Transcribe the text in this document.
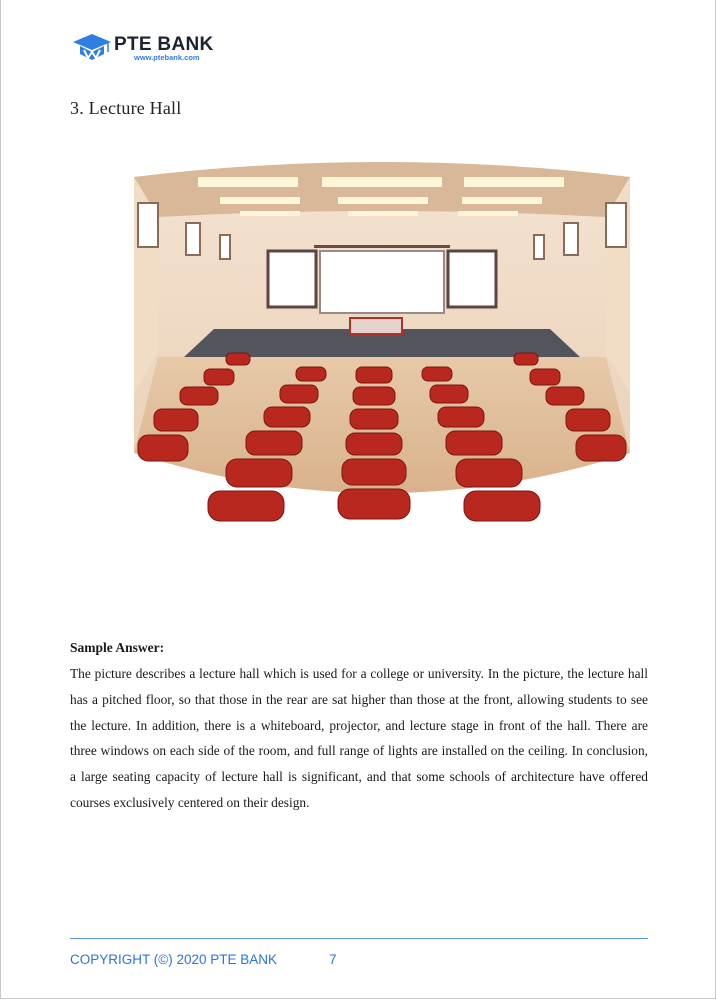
PTE BANK
www.ptebank.com
3. Lecture Hall
Sample Answer:
The picture describes a lecture hall which is used for a college or university. In the picture, the lecture hall has a pitched floor, so that those in the rear are sat higher than those at the front, allowing students to see the lecture. In addition, there is a whiteboard, projector, and lecture stage in front of the hall. There are three windows on each side of the room, and full range of lights are installed on the ceiling. In conclusion, a large seating capacity of lecture hall is significant, and that some schools of architecture have offered courses exclusively centered on their design.
COPYRIGHT (©) 2020 PTE BANK	7
